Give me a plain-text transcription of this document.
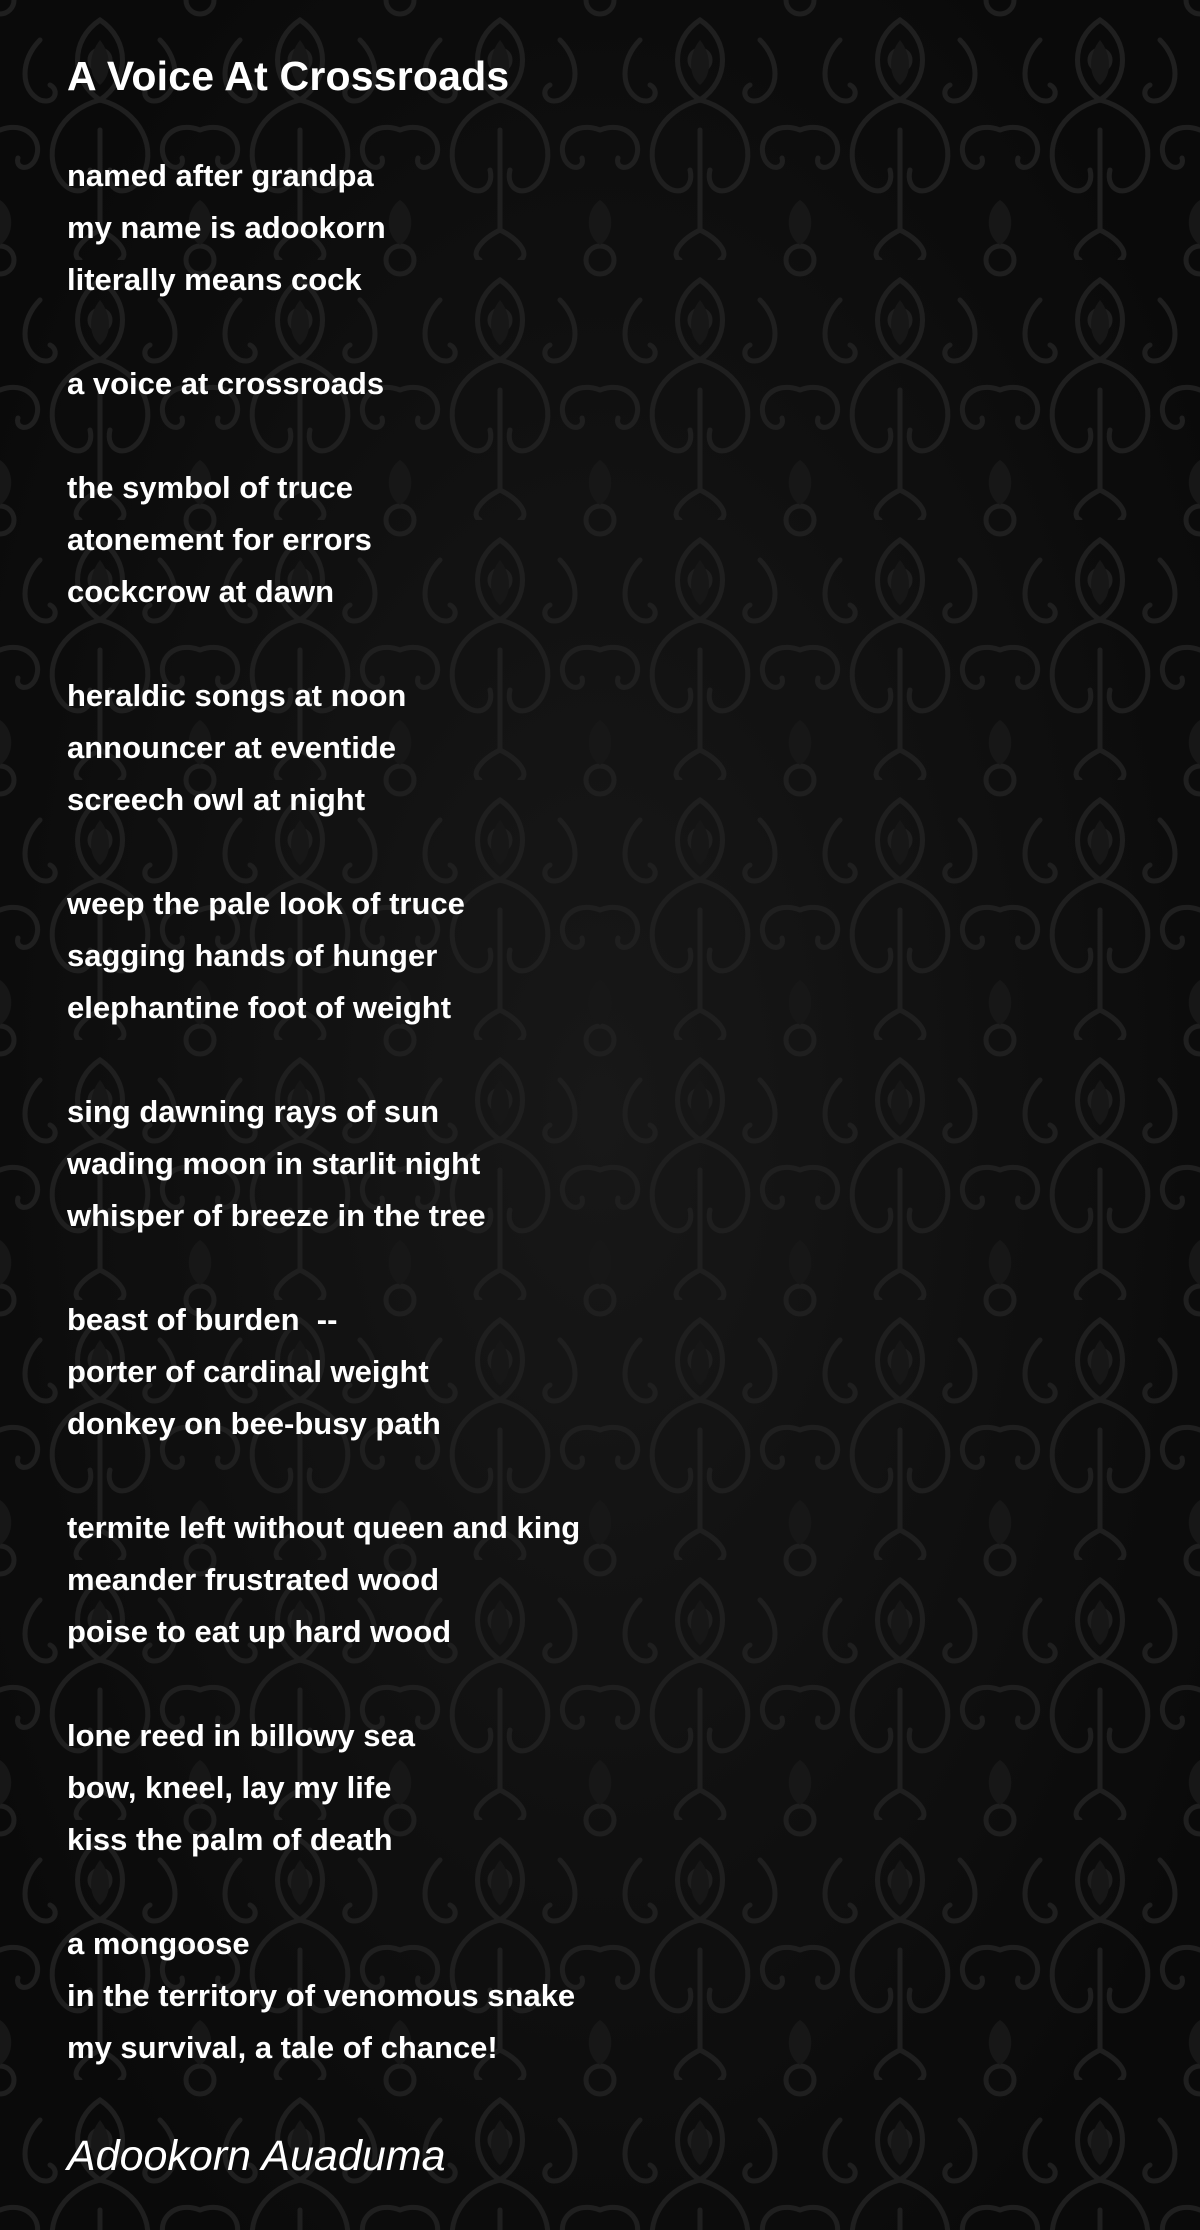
A Voice At Crossroads
named after grandpa
my name is adookorn
literally means cock
a voice at crossroads
the symbol of truce
atonement for errors
cockcrow at dawn
heraldic songs at noon
announcer at eventide
screech owl at night
weep the pale look of truce
sagging hands of hunger
elephantine foot of weight
sing dawning rays of sun
wading moon in starlit night
whisper of breeze in the tree
beast of burden  --
porter of cardinal weight
donkey on bee-busy path
termite left without queen and king
meander frustrated wood
poise to eat up hard wood
lone reed in billowy sea
bow, kneel, lay my life
kiss the palm of death
a mongoose
in the territory of venomous snake
my survival, a tale of chance!
Adookorn Auaduma
